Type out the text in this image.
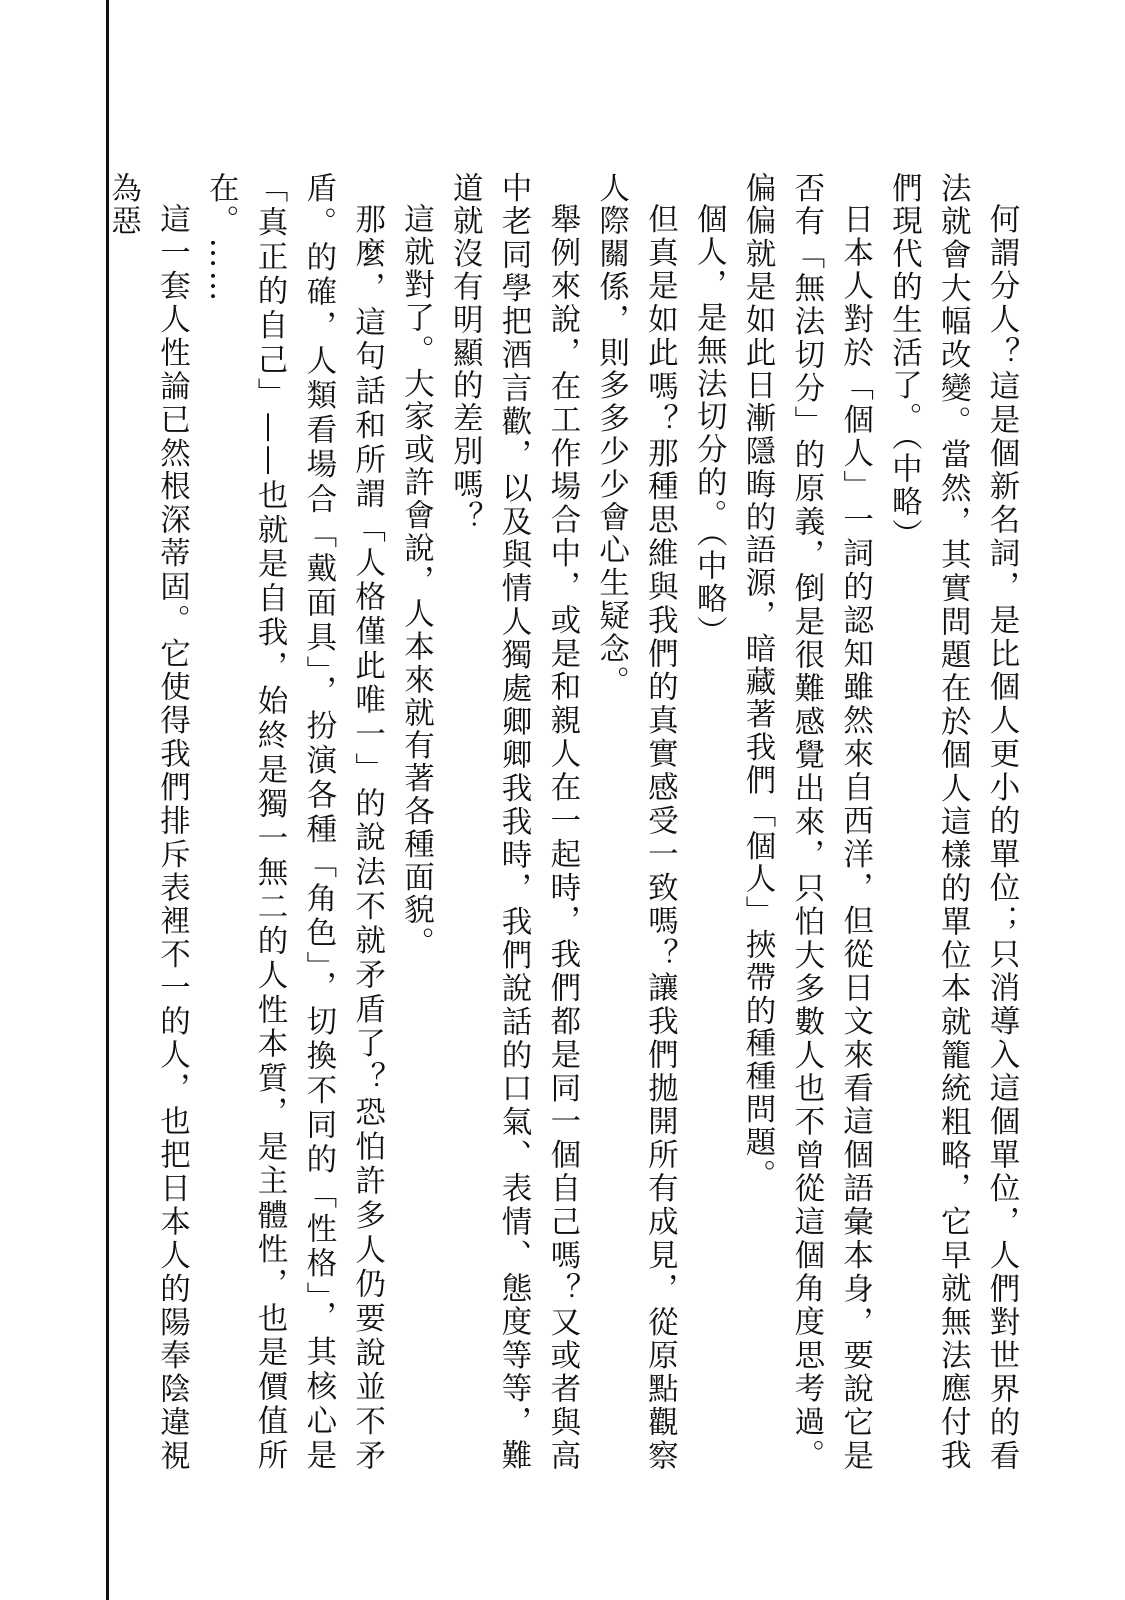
何謂分人？這是個新名詞，是比個人更小的單位；只消導入這個單位，人們對世界的看法就會大幅改變。當然，其實問題在於個人這樣的單位本就籠統粗略，它早就無法應付我們現代的生活了。（中略）

日本人對於「個人」一詞的認知雖然來自西洋，但從日文來看這個語彙本身，要說它是否有「無法切分」的原義，倒是很難感覺出來，只怕大多數人也不曾從這個角度思考過。偏偏就是如此日漸隱晦的語源，暗藏著我們「個人」挾帶的種種問題。

個人，是無法切分的。（中略）

但真是如此嗎？那種思維與我們的真實感受一致嗎？讓我們拋開所有成見，從原點觀察人際關係，則多多少少會心生疑念。

舉例來說，在工作場合中，或是和親人在一起時，我們都是同一個自己嗎？又或者與高中老同學把酒言歡，以及與情人獨處卿卿我我時，我們說話的口氣、表情、態度等等，難道就沒有明顯的差別嗎？

這就對了。大家或許會說，人本來就有著各種面貌。

那麼，這句話和所謂「人格僅此唯一」的說法不就矛盾了？恐怕許多人仍要說並不矛盾。的確，人類看場合「戴面具」，扮演各種「角色」，切換不同的「性格」，其核心是「真正的自己」——也就是自我，始終是獨一無二的人性本質，是主體性，也是價值所在。……

這一套人性論已然根深蒂固。它使得我們排斥表裡不一的人，也把日本人的陽奉陰違視為惡
